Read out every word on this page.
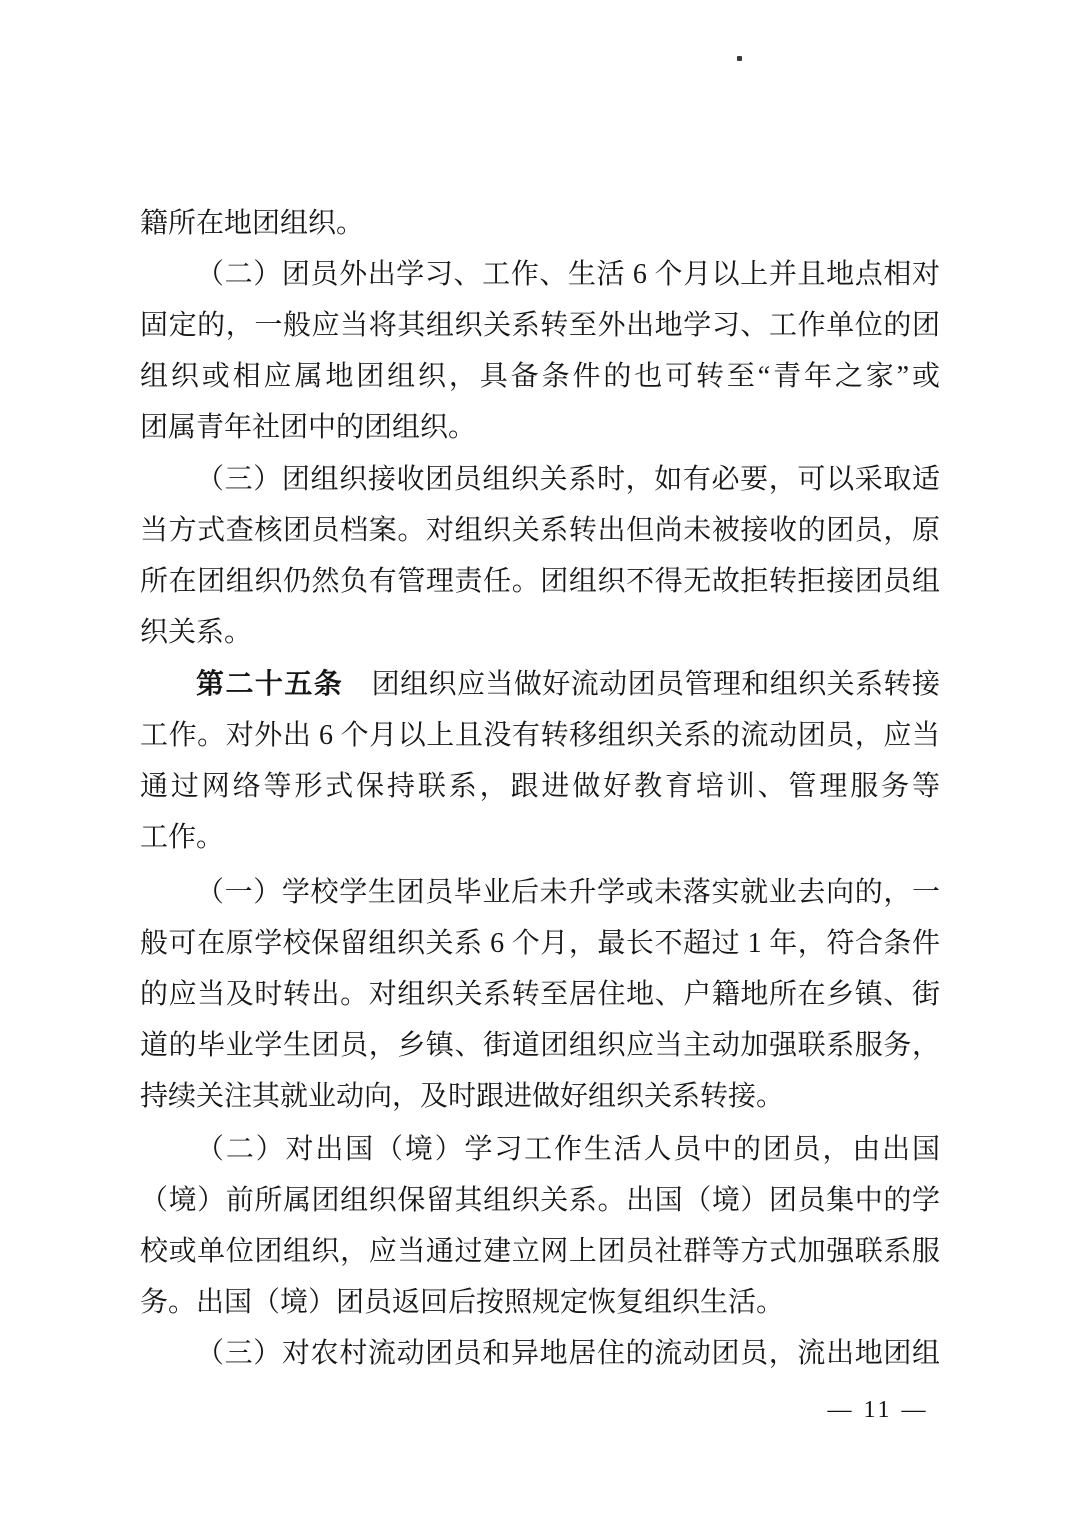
籍所在地团组织。
（二）团员外出学习、工作、生活 6 个月以上并且地点相对
固定的，一般应当将其组织关系转至外出地学习、工作单位的团
组织或相应属地团组织，具备条件的也可转至“青年之家”或
团属青年社团中的团组织。
（三）团组织接收团员组织关系时，如有必要，可以采取适
当方式查核团员档案。对组织关系转出但尚未被接收的团员，原
所在团组织仍然负有管理责任。团组织不得无故拒转拒接团员组
织关系。
第二十五条　团组织应当做好流动团员管理和组织关系转接
工作。对外出 6 个月以上且没有转移组织关系的流动团员，应当
通过网络等形式保持联系，跟进做好教育培训、管理服务等
工作。
（一）学校学生团员毕业后未升学或未落实就业去向的，一
般可在原学校保留组织关系 6 个月，最长不超过 1 年，符合条件
的应当及时转出。对组织关系转至居住地、户籍地所在乡镇、街
道的毕业学生团员，乡镇、街道团组织应当主动加强联系服务，
持续关注其就业动向，及时跟进做好组织关系转接。
（二）对出国（境）学习工作生活人员中的团员，由出国
（境）前所属团组织保留其组织关系。出国（境）团员集中的学
校或单位团组织，应当通过建立网上团员社群等方式加强联系服
务。出国（境）团员返回后按照规定恢复组织生活。
（三）对农村流动团员和异地居住的流动团员，流出地团组
— 11 —
